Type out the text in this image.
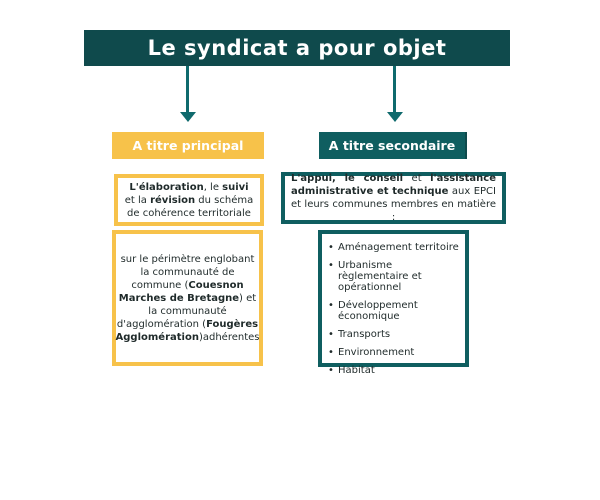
Le syndicat a pour objet
A titre principal	A titre secondaire
L'élaboration, le suivi et la révision du schéma de cohérence territoriale
sur le périmètre englobant la communauté de commune (Couesnon Marches de Bretagne) et la communauté d'agglomération (Fougères Agglomération)adhérentes
L'appui, le conseil et l'assistance administrative et technique aux EPCI et leurs communes membres en matière :
• Aménagement territoire
• Urbanisme règlementaire et opérationnel
• Développement économique
• Transports
• Environnement
• Habitat
